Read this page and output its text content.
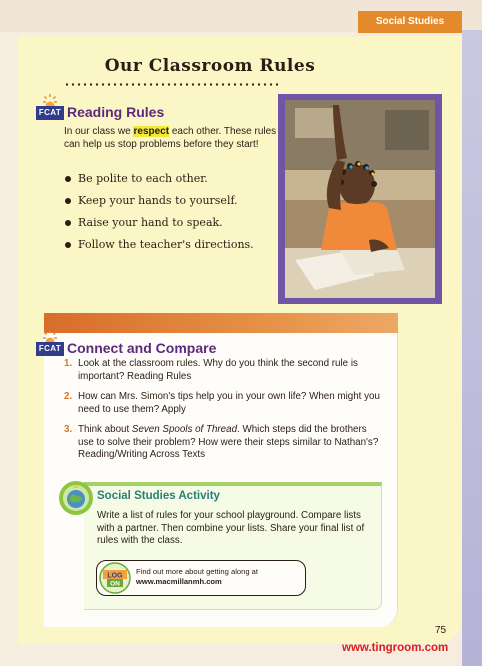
Social Studies
Our Classroom Rules
FCAT Reading Rules

In our class we respect each other. These rules can help us stop problems before they start!

Be polite to each other.
Keep your hands to yourself.
Raise your hand to speak.
Follow the teacher's directions.
FCAT Connect and Compare
1. Look at the classroom rules. Why do you think the second rule is important? Reading Rules
2. How can Mrs. Simon's tips help you in your own life? When might you need to use them? Apply
3. Think about Seven Spools of Thread. Which steps did the brothers use to solve their problem? How were their steps similar to Nathan's? Reading/Writing Across Texts
Social Studies Activity

Write a list of rules for your school playground. Compare lists with a partner. Then combine your lists. Share your final list of rules with the class.

LOG
ON
Find out more about getting along at
www.macmillanmh.com
75
www.tingroom.com
